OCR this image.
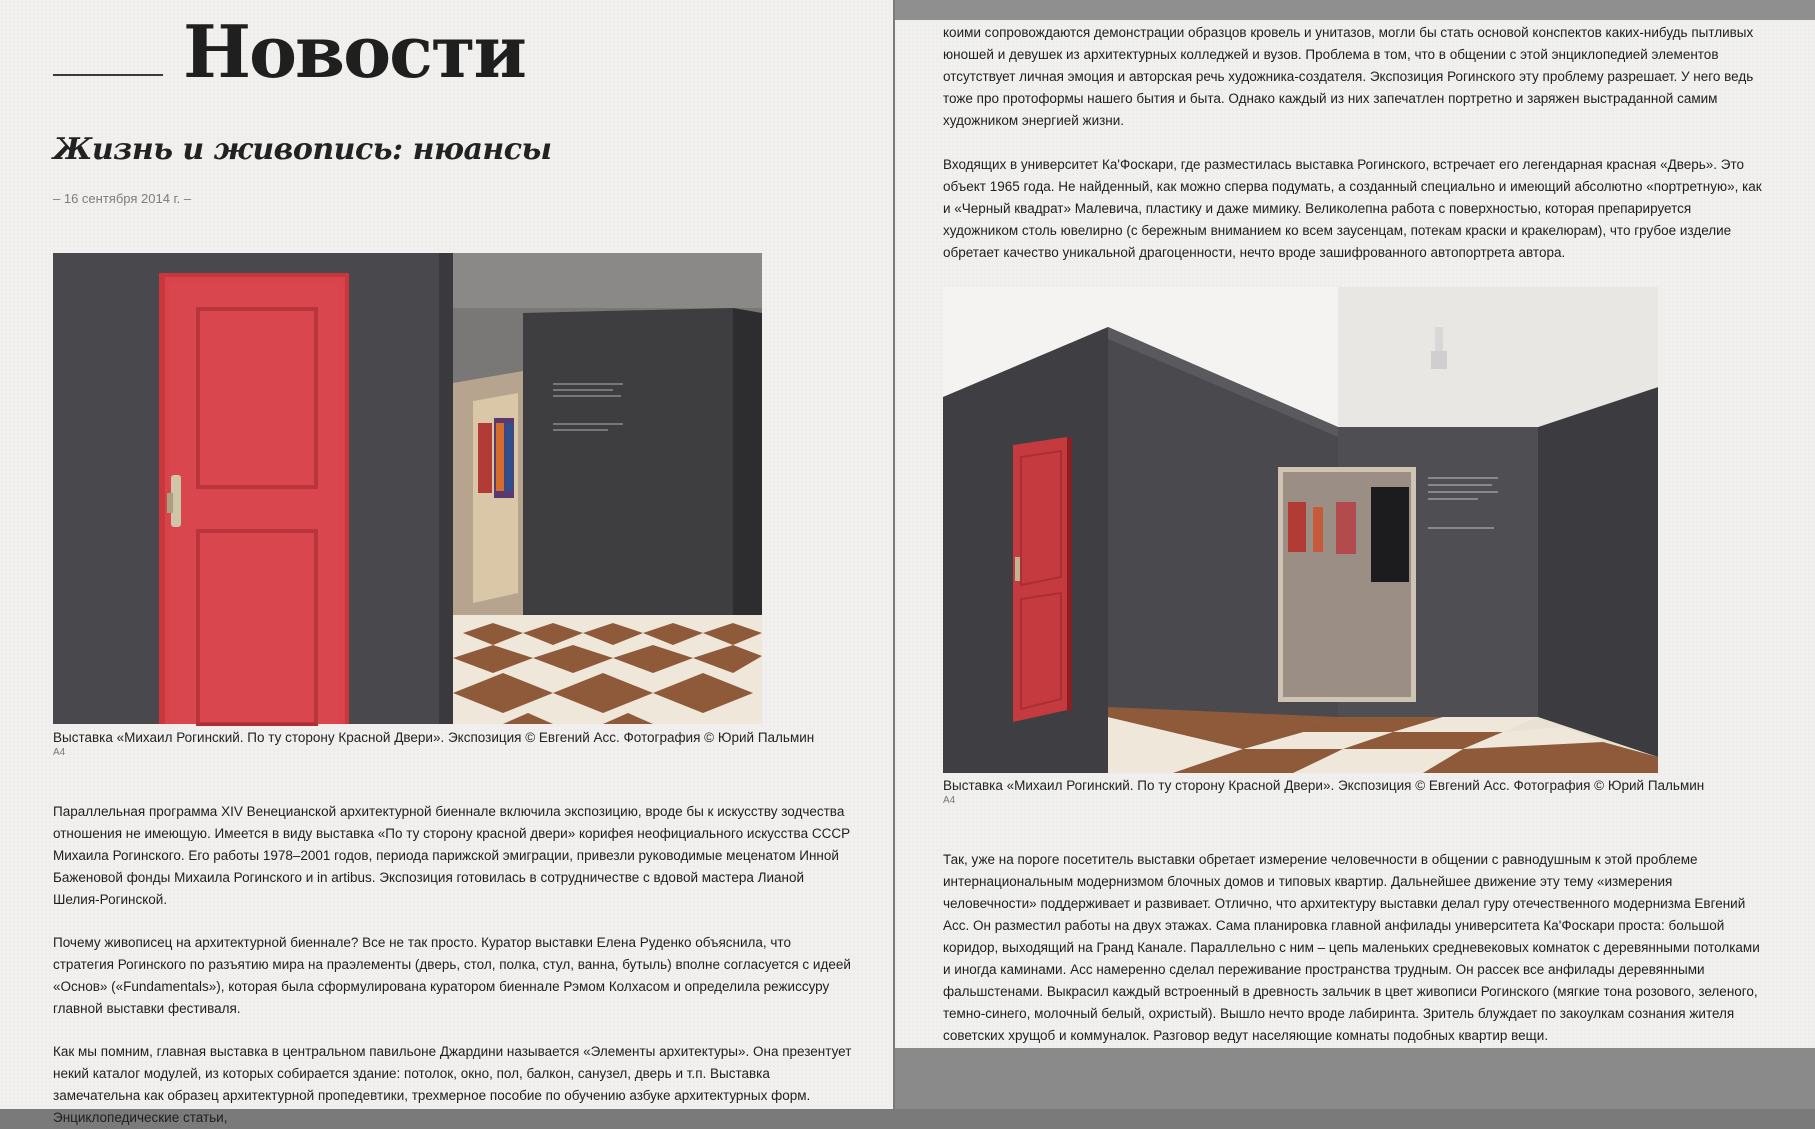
Новости
Жизнь и живопись: нюансы
– 16 сентября 2014 г. –
Выставка «Михаил Рогинский. По ту сторону Красной Двери». Экспозиция © Евгений Асс. Фотография © Юрий Пальмин
A4

Параллельная программа XIV Венецианской архитектурной биеннале включила экспозицию, вроде бы к искусству зодчества отношения не имеющую. Имеется в виду выставка «По ту сторону красной двери» корифея неофициального искусства СССР Михаила Рогинского. Его работы 1978–2001 годов, периода парижской эмиграции, привезли руководимые меценатом Инной Баженовой фонды Михаила Рогинского и in artibus. Экспозиция готовилась в сотрудничестве с вдовой мастера Лианой Шелия-Рогинской.

Почему живописец на архитектурной биеннале? Все не так просто. Куратор выставки Елена Руденко объяснила, что стратегия Рогинского по разъятию мира на праэлементы (дверь, стол, полка, стул, ванна, бутыль) вполне согласуется с идеей «Основ» («Fundamentals»), которая была сформулирована куратором биеннале Рэмом Колхасом и определила режиссуру главной выставки фестиваля.

Как мы помним, главная выставка в центральном павильоне Джардини называется «Элементы архитектуры». Она презентует некий каталог модулей, из которых собирается здание: потолок, окно, пол, балкон, санузел, дверь и т.п. Выставка замечательна как образец архитектурной пропедевтики, трехмерное пособие по обучению азбуке архитектурных форм. Энциклопедические статьи,

коими сопровождаются демонстрации образцов кровель и унитазов, могли бы стать основой конспектов каких-нибудь пытливых юношей и девушек из архитектурных колледжей и вузов. Проблема в том, что в общении с этой энциклопедией элементов отсутствует личная эмоция и авторская речь художника-создателя. Экспозиция Рогинского эту проблему разрешает. У него ведь тоже про протоформы нашего бытия и быта. Однако каждый из них запечатлен портретно и заряжен выстраданной самим художником энергией жизни.

Входящих в университет Ка'Фоскари, где разместилась выставка Рогинского, встречает его легендарная красная «Дверь». Это объект 1965 года. Не найденный, как можно сперва подумать, а созданный специально и имеющий абсолютно «портретную», как и «Черный квадрат» Малевича, пластику и даже мимику. Великолепна работа с поверхностью, которая препарируется художником столь ювелирно (с бережным вниманием ко всем заусенцам, потекам краски и кракелюрам), что грубое изделие обретает качество уникальной драгоценности, нечто вроде зашифрованного автопортрета автора.

Выставка «Михаил Рогинский. По ту сторону Красной Двери». Экспозиция © Евгений Асс. Фотография © Юрий Пальмин
A4

Так, уже на пороге посетитель выставки обретает измерение человечности в общении с равнодушным к этой проблеме интернациональным модернизмом блочных домов и типовых квартир. Дальнейшее движение эту тему «измерения человечности» поддерживает и развивает. Отлично, что архитектуру выставки делал гуру отечественного модернизма Евгений Асс. Он разместил работы на двух этажах. Сама планировка главной анфилады университета Ка'Фоскари проста: большой коридор, выходящий на Гранд Канале. Параллельно с ним – цепь маленьких средневековых комнаток с деревянными потолками и иногда каминами. Асс намеренно сделал переживание пространства трудным. Он рассек все анфилады деревянными фальшстенами. Выкрасил каждый встроенный в древность зальчик в цвет живописи Рогинского (мягкие тона розового, зеленого, темно-синего, молочный белый, охристый). Вышло нечто вроде лабиринта. Зритель блуждает по закоулкам сознания жителя советских хрущоб и коммуналок. Разговор ведут населяющие комнаты подобных квартир вещи.
